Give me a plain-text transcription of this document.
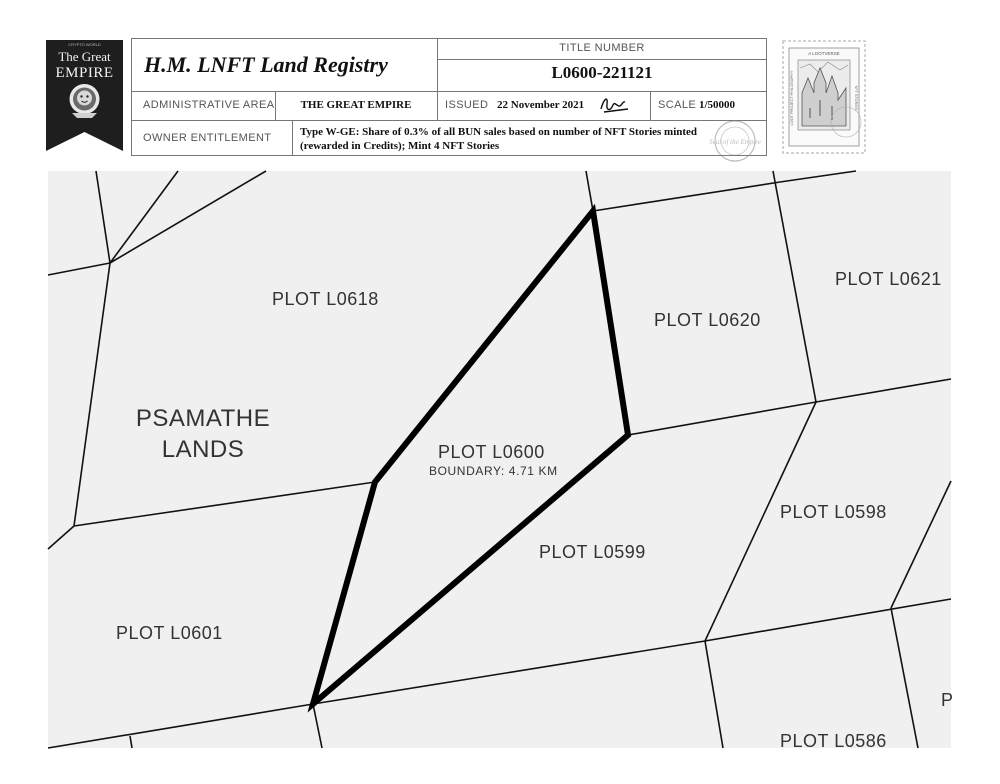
CRYPTO WORLD
The Great
EMPIRE H.M. LNFT Land Registry
TITLE NUMBER
L0600-221121
ADMINISTRATIVE AREA	THE GREAT EMPIRE	ISSUED 22 November 2021	SCALE 1/50000
OWNER ENTITLEMENT	Type W-GE: Share of 0.3% of all BUN sales based on number of NFT Stories minted
(rewarded in Credits); Mint 4 NFT Stories	Seal of the Empire
A LOOTVERSE
LOOT PROJECT PHILOSOPHY	NFT STORIES
PSAMATHE
LANDS	PLOT L0600
BOUNDARY: 4.71 KM
PLOT L0618
PLOT L0620
PLOT L0621
PLOT L0598
PLOT L0599
PLOT L0601
PLOT L0586
P
